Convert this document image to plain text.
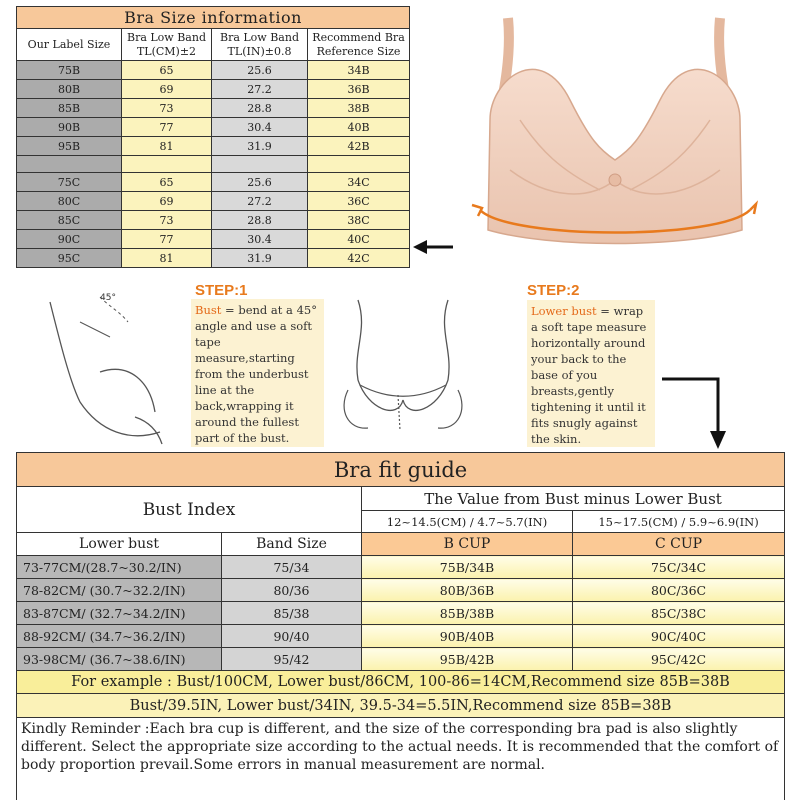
Bra Size information			
Our Label Size	Bra Low Band TL(CM)±2	Bra Low Band TL(IN)±0.8	Recommend Bra Reference Size
75B	65	25.6	34B
80B	69	27.2	36B
85B	73	28.8	38B
90B	77	30.4	40B
95B	81	31.9	42B

75C	65	25.6	34C
80C	69	27.2	36C
85C	73	28.8	38C
90C	77	30.4	40C
95C	81	31.9	42C
45°	STEP:1
Bust = bend at a 45° angle and use a soft tape measure,starting from the underbust line at the back,wrapping it around the fullest part of the bust.
STEP:2
Lower bust = wrap a soft tape measure horizontally around your back to the base of you breasts,gently tightening it until it fits snugly against the skin.
Bra fit guide			
Bust Index		The Value from Bust minus Lower Bust	
		12~14.5(CM) / 4.7~5.7(IN)	15~17.5(CM) / 5.9~6.9(IN)
Lower bust	Band Size	B CUP	C CUP
73-77CM/(28.7~30.2/IN)	75/34	75B/34B	75C/34C
78-82CM/ (30.7~32.2/IN)	80/36	80B/36B	80C/36C
83-87CM/ (32.7~34.2/IN)	85/38	85B/38B	85C/38C
88-92CM/ (34.7~36.2/IN)	90/40	90B/40B	90C/40C
93-98CM/ (36.7~38.6/IN)	95/42	95B/42B	95C/42C
For example : Bust/100CM, Lower bust/86CM, 100-86=14CM,Recommend size 85B=38B			
Bust/39.5IN, Lower bust/34IN, 39.5-34=5.5IN,Recommend size 85B=38B			
Kindly Reminder :Each bra cup is different, and the size of the corresponding bra pad is also slightly different. Select the appropriate size according to the actual needs. It is recommended that the comfort of body proportion prevail.Some errors in manual measurement are normal.			
